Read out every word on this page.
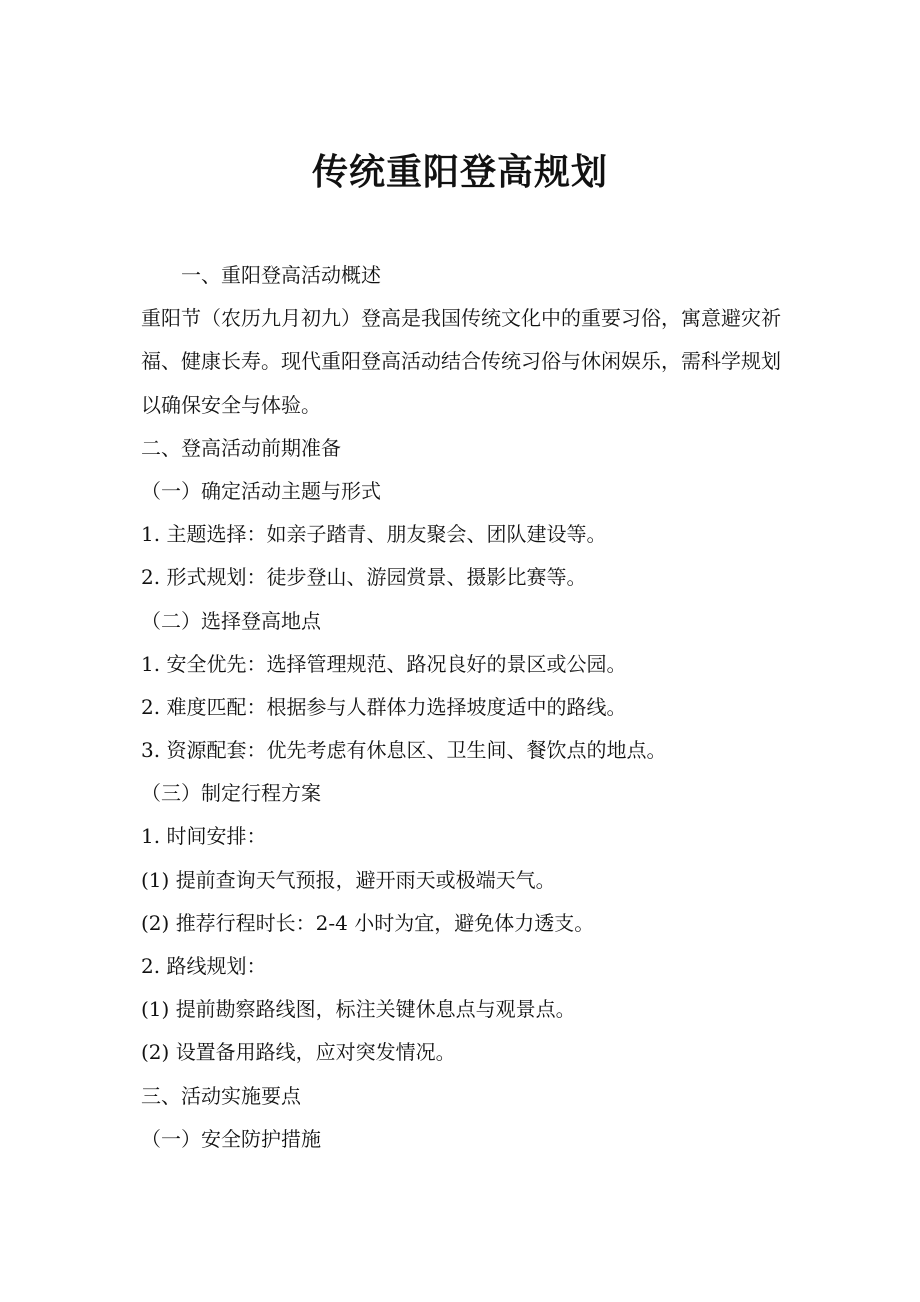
传统重阳登高规划

一、重阳登高活动概述

重阳节（农历九月初九）登高是我国传统文化中的重要习俗，寓意避灾祈福、健康长寿。现代重阳登高活动结合传统习俗与休闲娱乐，需科学规划以确保安全与体验。

二、登高活动前期准备

（一）确定活动主题与形式

1. 主题选择：如亲子踏青、朋友聚会、团队建设等。

2. 形式规划：徒步登山、游园赏景、摄影比赛等。

（二）选择登高地点

1. 安全优先：选择管理规范、路况良好的景区或公园。

2. 难度匹配：根据参与人群体力选择坡度适中的路线。

3. 资源配套：优先考虑有休息区、卫生间、餐饮点的地点。

（三）制定行程方案

1. 时间安排：

(1) 提前查询天气预报，避开雨天或极端天气。

(2) 推荐行程时长：2-4 小时为宜，避免体力透支。

2. 路线规划：

(1) 提前勘察路线图，标注关键休息点与观景点。

(2) 设置备用路线，应对突发情况。

三、活动实施要点

（一）安全防护措施
